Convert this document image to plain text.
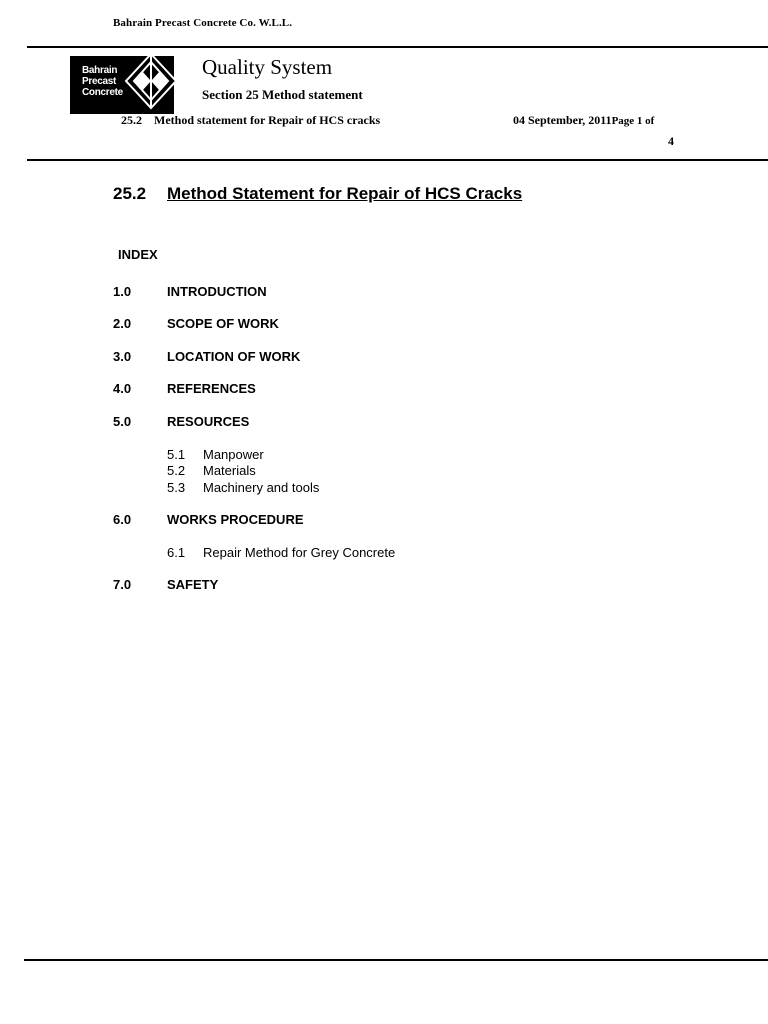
Bahrain Precast Concrete Co. W.L.L.
Bahrain
Precast
Concrete
Quality System
Section 25 Method statement
25.2 Method statement for Repair of HCS cracks	04 September, 2011Page 1 of
4
25.2 Method Statement for Repair of HCS Cracks
INDEX
1.0	INTRODUCTION
2.0	SCOPE OF WORK
3.0	LOCATION OF WORK
4.0	REFERENCES
5.0	RESOURCES
5.1 Manpower
5.2 Materials
5.3 Machinery and tools
6.0	WORKS PROCEDURE
6.1 Repair Method for Grey Concrete
7.0	SAFETY
